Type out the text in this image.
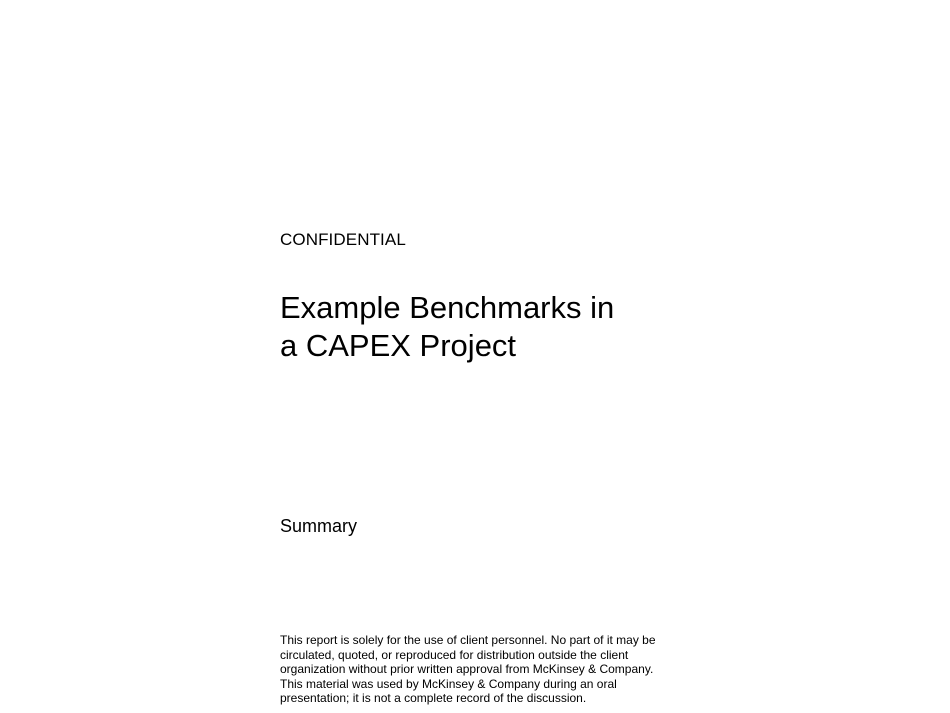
CONFIDENTIAL
Example Benchmarks in
a CAPEX Project
Summary
This report is solely for the use of client personnel. No part of it may be
circulated, quoted, or reproduced for distribution outside the client
organization without prior written approval from McKinsey & Company.
This material was used by McKinsey & Company during an oral
presentation; it is not a complete record of the discussion.
